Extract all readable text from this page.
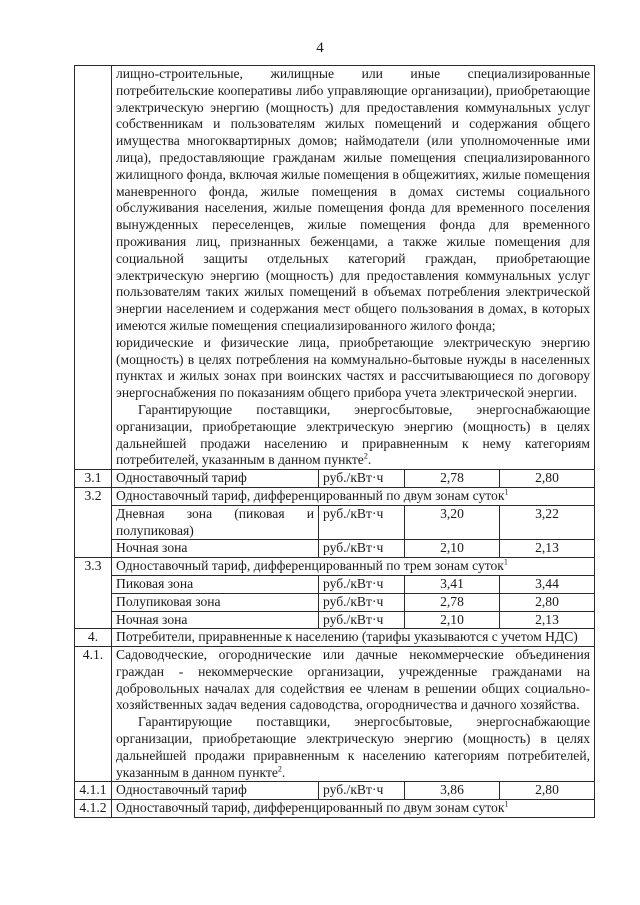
4

	лищно-строительные, жилищные или иные специализированные потребительские кооперативы либо управляющие организации), приобретающие электрическую энергию (мощность) для предоставления коммунальных услуг собственникам и пользователям жилых помещений и содержания общего имущества многоквартирных домов; наймодатели (или уполномоченные ими лица), предоставляющие гражданам жилые помещения специализированного жилищного фонда, включая жилые помещения в общежитиях, жилые помещения маневренного фонда, жилые помещения в домах системы социального обслуживания населения, жилые помещения фонда для временного поселения вынужденных переселенцев, жилые помещения фонда для временного проживания лиц, признанных беженцами, а также жилые помещения для социальной защиты отдельных категорий граждан, приобретающие электрическую энергию (мощность) для предоставления коммунальных услуг пользователям таких жилых помещений в объемах потребления электрической энергии населением и содержания мест общего пользования в домах, в которых имеются жилые помещения специализированного жилого фонда;

юридические и физические лица, приобретающие электрическую энергию (мощность) в целях потребления на коммунально-бытовые нужды в населенных пунктах и жилых зонах при воинских частях и рассчитывающиеся по договору энергоснабжения по показаниям общего прибора учета электрической энергии.

Гарантирующие поставщики, энергосбытовые, энергоснабжающие организации, приобретающие электрическую энергию (мощность) в целях дальнейшей продажи населению и приравненным к нему категориям потребителей, указанным в данном пункте$^2$.			

3.1	Одноставочный тариф	руб./кВт·ч	2,78	2,80
3.2	Одноставочный тариф, дифференцированный по двум зонам суток$^1$
	Дневная зона (пиковая и полупиковая)	руб./кВт·ч	3,20	3,22
	Ночная зона	руб./кВт·ч	2,10	2,13
3.3	Одноставочный тариф, дифференцированный по трем зонам суток$^1$
	Пиковая зона	руб./кВт·ч	3,41	3,44
	Полупиковая зона	руб./кВт·ч	2,78	2,80
	Ночная зона	руб./кВт·ч	2,10	2,13
4.	Потребители, приравненные к населению (тарифы указываются с учетом НДС)			
4.1.	Садоводческие, огороднические или дачные некоммерческие объединения граждан - некоммерческие организации, учрежденные гражданами на добровольных началах для содействия ее членам в решении общих социально-хозяйственных задач ведения садоводства, огородничества и дачного хозяйства.

Гарантирующие поставщики, энергосбытовые, энергоснабжающие организации, приобретающие электрическую энергию (мощность) в целях дальнейшей продажи приравненным к населению категориям потребителей, указанным в данном пункте$^2$.			

4.1.1	Одноставочный тариф	руб./кВт·ч	3,86	2,80
4.1.2	Одноставочный тариф, дифференцированный по двум зонам суток$^1$
